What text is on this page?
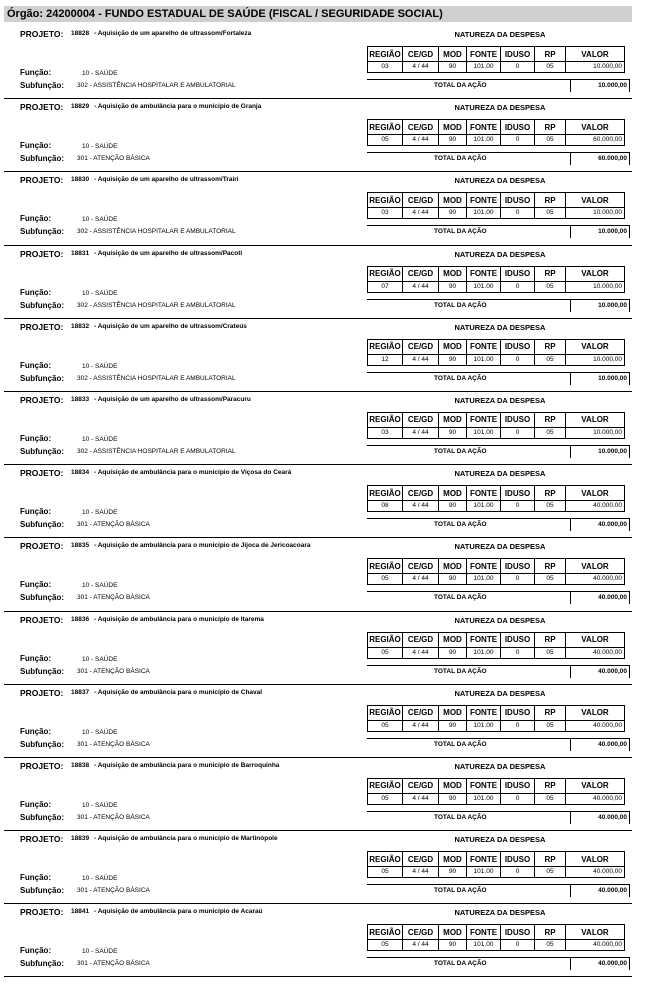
Órgão: 24200004 - FUNDO ESTADUAL DE SAÚDE (FISCAL / SEGURIDADE SOCIAL)
PROJETO: 18828 - Aquisição de um aparelho de ultrassom/Fortaleza	NATUREZA DA DESPESA
REGIÃO	CE/GD	MOD	FONTE	IDUSO	RP	VALOR
03	4 / 44	90	101.00	0	05	10.000,00
Função:	10 - SAÚDE
Subfunção: 302 - ASSISTÊNCIA HOSPITALAR E AMBULATORIAL	TOTAL DA AÇÃO	10.000,00
PROJETO: 18829 - Aquisição de ambulância para o município de Granja	NATUREZA DA DESPESA
REGIÃO	CE/GD	MOD	FONTE	IDUSO	RP	VALOR
05	4 / 44	90	101.00	0	05	60.000,00
Função:	10 - SAÚDE
Subfunção: 301 - ATENÇÃO BÁSICA	TOTAL DA AÇÃO	60.000,00
PROJETO: 18830 - Aquisição de um aparelho de ultrassom/Trairi	NATUREZA DA DESPESA
REGIÃO	CE/GD	MOD	FONTE	IDUSO	RP	VALOR
03	4 / 44	90	101.00	0	05	10.000,00
Função:	10 - SAÚDE
Subfunção: 302 - ASSISTÊNCIA HOSPITALAR E AMBULATORIAL	TOTAL DA AÇÃO	10.000,00
PROJETO: 18831 - Aquisição de um aparelho de ultrassom/Pacoti	NATUREZA DA DESPESA
REGIÃO	CE/GD	MOD	FONTE	IDUSO	RP	VALOR
07	4 / 44	90	101.00	0	05	10.000,00
Função:	10 - SAÚDE
Subfunção: 302 - ASSISTÊNCIA HOSPITALAR E AMBULATORIAL	TOTAL DA AÇÃO	10.000,00
PROJETO: 18832 - Aquisição de um aparelho de ultrassom/Crateús	NATUREZA DA DESPESA
REGIÃO	CE/GD	MOD	FONTE	IDUSO	RP	VALOR
12	4 / 44	90	101.00	0	05	10.000,00
Função:	10 - SAÚDE
Subfunção: 302 - ASSISTÊNCIA HOSPITALAR E AMBULATORIAL	TOTAL DA AÇÃO	10.000,00
PROJETO: 18833 - Aquisição de um aparelho de ultrassom/Paracuru	NATUREZA DA DESPESA
REGIÃO	CE/GD	MOD	FONTE	IDUSO	RP	VALOR
03	4 / 44	90	101.00	0	05	10.000,00
Função:	10 - SAÚDE
Subfunção: 302 - ASSISTÊNCIA HOSPITALAR E AMBULATORIAL	TOTAL DA AÇÃO	10.000,00
PROJETO: 18834 - Aquisição de ambulância para o município de Viçosa do Ceará	NATUREZA DA DESPESA
REGIÃO	CE/GD	MOD	FONTE	IDUSO	RP	VALOR
08	4 / 44	90	101.00	0	05	40.000,00
Função:	10 - SAÚDE
Subfunção: 301 - ATENÇÃO BÁSICA	TOTAL DA AÇÃO	40.000,00
PROJETO: 18835 - Aquisição de ambulância para o município de Jijoca de Jericoacoara	NATUREZA DA DESPESA
REGIÃO	CE/GD	MOD	FONTE	IDUSO	RP	VALOR
05	4 / 44	90	101.00	0	05	40.000,00
Função:	10 - SAÚDE
Subfunção: 301 - ATENÇÃO BÁSICA	TOTAL DA AÇÃO	40.000,00
PROJETO: 18836 - Aquisição de ambulância para o município de Itarema	NATUREZA DA DESPESA
REGIÃO	CE/GD	MOD	FONTE	IDUSO	RP	VALOR
05	4 / 44	90	101.00	0	05	40.000,00
Função:	10 - SAÚDE
Subfunção: 301 - ATENÇÃO BÁSICA	TOTAL DA AÇÃO	40.000,00
PROJETO: 18837 - Aquisição de ambulância para o município de Chaval	NATUREZA DA DESPESA
REGIÃO	CE/GD	MOD	FONTE	IDUSO	RP	VALOR
05	4 / 44	90	101.00	0	05	40.000,00
Função:	10 - SAÚDE
Subfunção: 301 - ATENÇÃO BÁSICA	TOTAL DA AÇÃO	40.000,00
PROJETO: 18838 - Aquisição de ambulância para o município de Barroquinha	NATUREZA DA DESPESA
REGIÃO	CE/GD	MOD	FONTE	IDUSO	RP	VALOR
05	4 / 44	90	101.00	0	05	40.000,00
Função:	10 - SAÚDE
Subfunção: 301 - ATENÇÃO BÁSICA	TOTAL DA AÇÃO	40.000,00
PROJETO: 18839 - Aquisição de ambulância para o município de Martinópole	NATUREZA DA DESPESA
REGIÃO	CE/GD	MOD	FONTE	IDUSO	RP	VALOR
05	4 / 44	90	101.00	0	05	40.000,00
Função:	10 - SAÚDE
Subfunção: 301 - ATENÇÃO BÁSICA	TOTAL DA AÇÃO	40.000,00
PROJETO: 18841 - Aquisição de ambulância para o município de Acaraú	NATUREZA DA DESPESA
REGIÃO	CE/GD	MOD	FONTE	IDUSO	RP	VALOR
05	4 / 44	90	101.00	0	05	40.000,00
Função:	10 - SAÚDE
Subfunção: 301 - ATENÇÃO BÁSICA	TOTAL DA AÇÃO	40.000,00
